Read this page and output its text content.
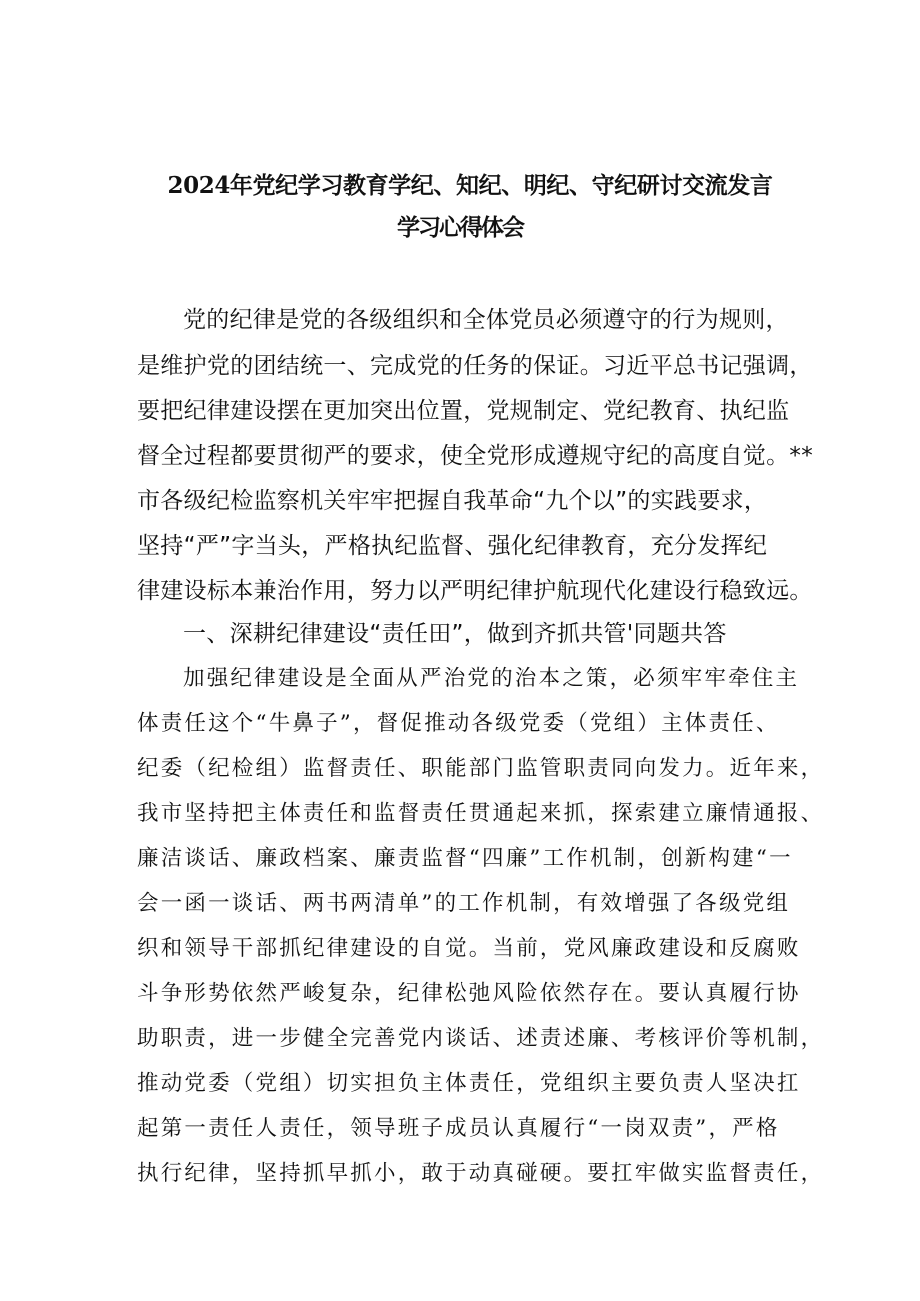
2024年党纪学习教育学纪、知纪、明纪、守纪研讨交流发言
学习心得体会
党的纪律是党的各级组织和全体党员必须遵守的行为规则，
是维护党的团结统一、完成党的任务的保证。习近平总书记强调，
要把纪律建设摆在更加突出位置，党规制定、党纪教育、执纪监
督全过程都要贯彻严的要求，使全党形成遵规守纪的高度自觉。**
市各级纪检监察机关牢牢把握自我革命“九个以”的实践要求，
坚持“严”字当头，严格执纪监督、强化纪律教育，充分发挥纪
律建设标本兼治作用，努力以严明纪律护航现代化建设行稳致远。
一、深耕纪律建设“责任田”，做到齐抓共管'同题共答
加强纪律建设是全面从严治党的治本之策，必须牢牢牵住主
体责任这个“牛鼻子”，督促推动各级党委（党组）主体责任、
纪委（纪检组）监督责任、职能部门监管职责同向发力。近年来，
我市坚持把主体责任和监督责任贯通起来抓，探索建立廉情通报、
廉洁谈话、廉政档案、廉责监督“四廉”工作机制，创新构建“一
会一函一谈话、两书两清单”的工作机制，有效增强了各级党组
织和领导干部抓纪律建设的自觉。当前，党风廉政建设和反腐败
斗争形势依然严峻复杂，纪律松弛风险依然存在。要认真履行协
助职责，进一步健全完善党内谈话、述责述廉、考核评价等机制，
推动党委（党组）切实担负主体责任，党组织主要负责人坚决扛
起第一责任人责任，领导班子成员认真履行“一岗双责”，严格
执行纪律，坚持抓早抓小，敢于动真碰硬。要扛牢做实监督责任，
